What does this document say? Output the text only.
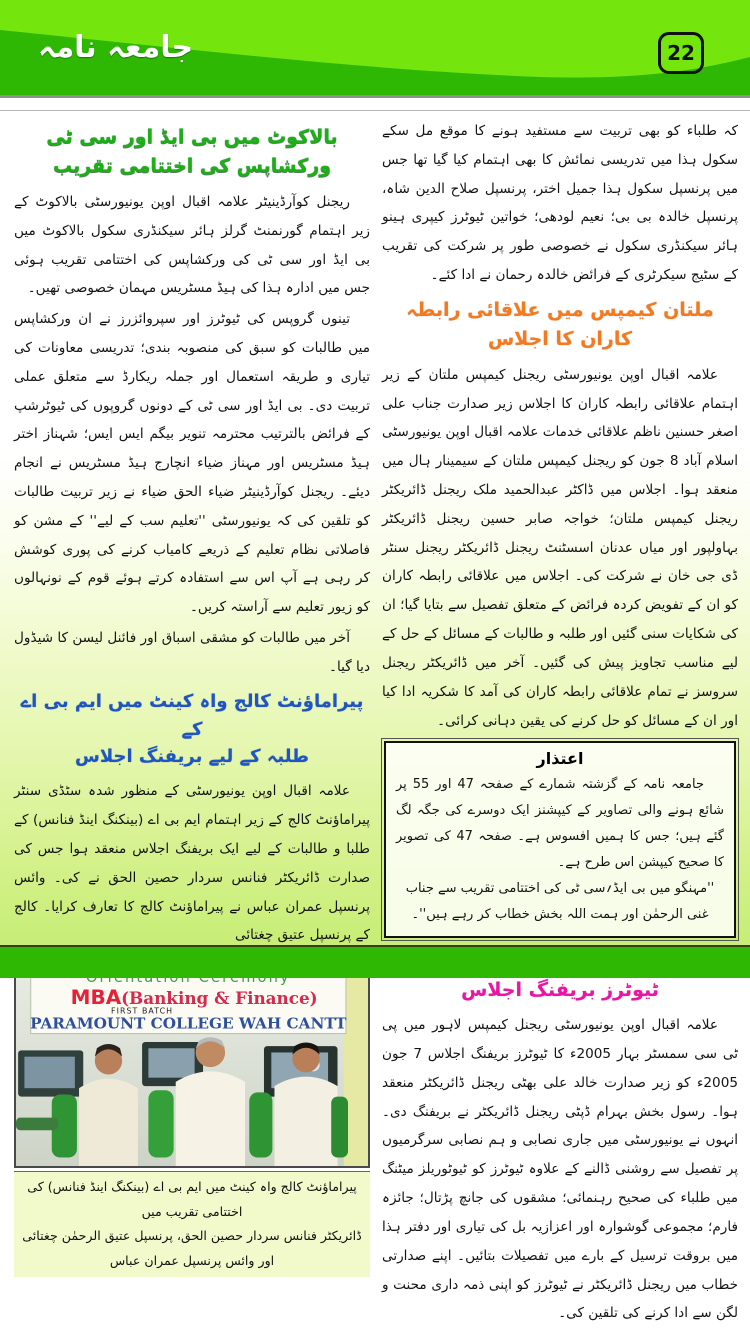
جامعہ نامہ	22
بالاکوٹ میں بی ایڈ اور سی ٹی ورکشاپس کی اختتامی تقریب

ریجنل کوآرڈینیٹر علامہ اقبال اوپن یونیورسٹی بالاکوٹ کے زیر اہتمام گورنمنٹ گرلز ہائر سیکنڈری سکول بالاکوٹ میں بی ایڈ اور سی ٹی کی ورکشاپس کی اختتامی تقریب ہوئی جس میں ادارہ ہذا کی ہیڈ مسٹریس مہمان خصوصی تھیں۔

تینوں گروپس کی ٹیوٹرز اور سپروائزرز نے ان ورکشاپس میں طالبات کو سبق کی منصوبہ بندی؛ تدریسی معاونات کی تیاری و طریقہ استعمال اور جملہ ریکارڈ سے متعلق عملی تربیت دی۔ بی ایڈ اور سی ٹی کے دونوں گروپوں کی ٹیوٹرشپ کے فرائض بالترتیب محترمہ تنویر بیگم ایس ایس؛ شہناز اختر ہیڈ مسٹریس اور مہناز ضیاء انچارج ہیڈ مسٹریس نے انجام دیئے۔ ریجنل کوآرڈینیٹر ضیاء الحق ضیاء نے زیر تربیت طالبات کو تلقین کی کہ یونیورسٹی ''تعلیم سب کے لیے'' کے مشن کو فاصلاتی نظام تعلیم کے ذریعے کامیاب کرنے کی پوری کوشش کر رہی ہے آپ اس سے استفادہ کرتے ہوئے قوم کے نونہالوں کو زیور تعلیم سے آراستہ کریں۔

آخر میں طالبات کو مشقی اسباق اور فائنل لیسن کا شیڈول دیا گیا۔

پیراماؤنٹ کالج واہ کینٹ میں ایم بی اے کے
طلبہ کے لیے بریفنگ اجلاس

علامہ اقبال اوپن یونیورسٹی کے منظور شدہ سٹڈی سنٹر پیراماؤنٹ کالج کے زیر اہتمام ایم بی اے (بینکنگ اینڈ فنانس) کے طلبا و طالبات کے لیے ایک بریفنگ اجلاس منعقد ہوا جس کی صدارت ڈائریکٹر فنانس سردار حصین الحق نے کی۔ وائس پرنسپل عمران عباس نے پیراماؤنٹ کالج کا تعارف کرایا۔ کالج کے پرنسپل عتیق چغتائی

MBA (Banking & Finance)
FIRST BATCH
PARAMOUNT COLLEGE WAH CANTT
پیراماؤنٹ کالج واہ کینٹ میں ایم بی اے (بینکنگ اینڈ فنانس) کی اختتامی تقریب میں
ڈائریکٹر فنانس سردار حصین الحق، پرنسپل عتیق الرحمٰن چغتائی اور وائس پرنسپل عمران عباس

کہ طلباء کو بھی تربیت سے مستفید ہونے کا موقع مل سکے سکول ہذا میں تدریسی نمائش کا بھی اہتمام کیا گیا تھا جس میں پرنسپل سکول ہذا جمیل اختر، پرنسپل صلاح الدین شاہ، پرنسپل خالدہ بی بی؛ نعیم لودھی؛ خواتین ٹیوٹرز کیپری ہینو ہائر سیکنڈری سکول نے خصوصی طور پر شرکت کی تقریب کے سٹیج سیکرٹری کے فرائض خالدہ رحمان نے ادا کئے۔

ملتان کیمپس میں علاقائی رابطہ کاران کا اجلاس

علامہ اقبال اوپن یونیورسٹی ریجنل کیمپس ملتان کے زیر اہتمام علاقائی رابطہ کاران کا اجلاس زیر صدارت جناب علی اصغر حسنین ناظم علاقائی خدمات علامہ اقبال اوپن یونیورسٹی اسلام آباد 8 جون کو ریجنل کیمپس ملتان کے سیمینار ہال میں منعقد ہوا۔ اجلاس میں ڈاکٹر عبدالحمید ملک ریجنل ڈائریکٹر ریجنل کیمپس ملتان؛ خواجہ صابر حسین ریجنل ڈائریکٹر بہاولپور اور میاں عدنان اسسٹنٹ ریجنل ڈائریکٹر ریجنل سنٹر ڈی جی خان نے شرکت کی۔ اجلاس میں علاقائی رابطہ کاران کو ان کے تفویض کردہ فرائض کے متعلق تفصیل سے بتایا گیا؛ ان کی شکایات سنی گئیں اور طلبہ و طالبات کے مسائل کے حل کے لیے مناسب تجاویز پیش کی گئیں۔ آخر میں ڈائریکٹر ریجنل سروسز نے تمام علاقائی رابطہ کاران کی آمد کا شکریہ ادا کیا اور ان کے مسائل کو حل کرنے کی یقین دہانی کرائی۔

اعتذار

جامعہ نامہ کے گزشتہ شمارے کے صفحہ 47 اور 55 پر شائع ہونے والی تصاویر کے کیپشنز ایک دوسرے کی جگہ لگ گئے ہیں؛ جس کا ہمیں افسوس ہے۔ صفحہ 47 کی تصویر کا صحیح کیپشن اس طرح ہے۔

''مہنگو میں بی ایڈ؍سی ٹی کی اختتامی تقریب سے جناب غنی الرحمٰن اور ہمت اللہ بخش خطاب کر رہے ہیں''۔

ٹیوٹرز بریفنگ اجلاس

علامہ اقبال اوپن یونیورسٹی ریجنل کیمپس لاہور میں پی ٹی سی سمسٹر بہار 2005ء کا ٹیوٹرز بریفنگ اجلاس 7 جون 2005ء کو زیر صدارت خالد علی بھٹی ریجنل ڈائریکٹر منعقد ہوا۔ رسول بخش بہرام ڈپٹی ریجنل ڈائریکٹر نے بریفنگ دی۔ انہوں نے یونیورسٹی میں جاری نصابی و ہم نصابی سرگرمیوں پر تفصیل سے روشنی ڈالنے کے علاوہ ٹیوٹرز کو ٹیوٹوریلز میٹنگ میں طلباء کی صحیح رہنمائی؛ مشقوں کی جانچ پڑتال؛ جائزہ فارم؛ مجموعی گوشوارہ اور اعزازیہ بل کی تیاری اور دفتر ہذا میں بروقت ترسیل کے بارے میں تفصیلات بتائیں۔ اپنے صدارتی خطاب میں ریجنل ڈائریکٹر نے ٹیوٹرز کو اپنی ذمہ داری محنت و لگن سے ادا کرنے کی تلقین کی۔
